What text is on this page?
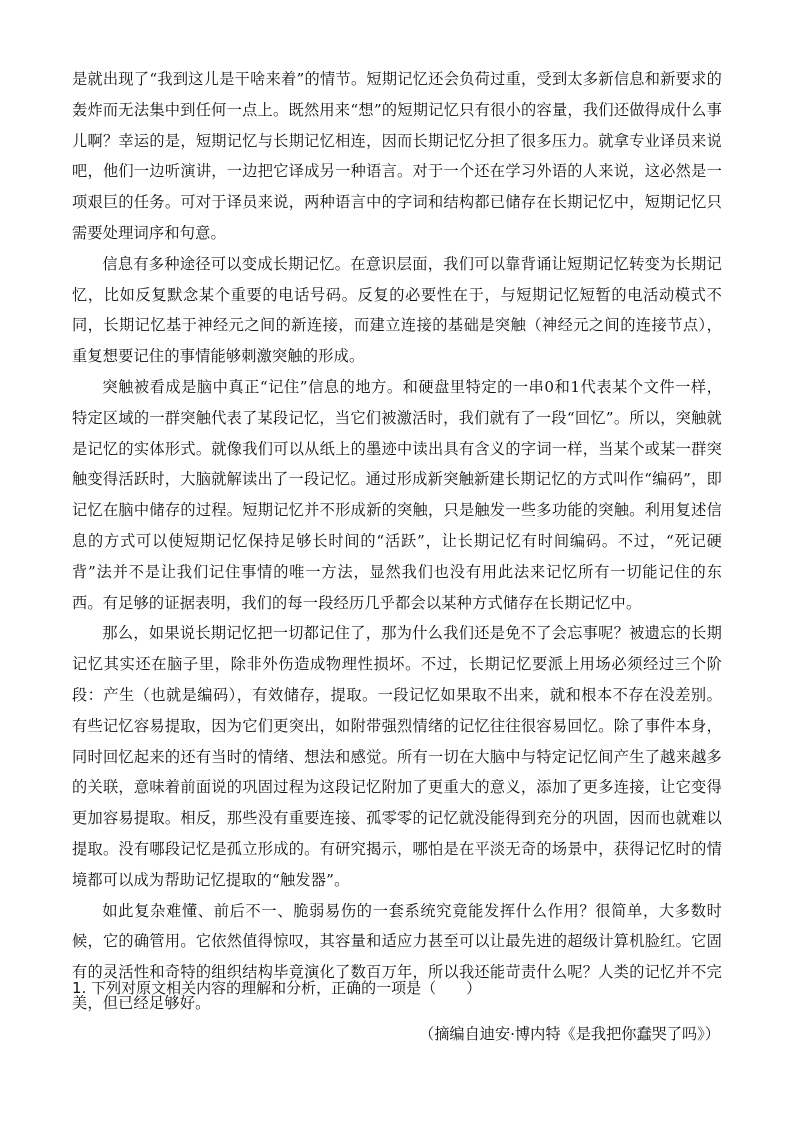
是就出现了“我到这儿是干啥来着”的情节。短期记忆还会负荷过重，受到太多新信息和新要求的轰炸而无法集中到任何一点上。既然用来“想”的短期记忆只有很小的容量，我们还做得成什么事儿啊？幸运的是，短期记忆与长期记忆相连，因而长期记忆分担了很多压力。就拿专业译员来说吧，他们一边听演讲，一边把它译成另一种语言。对于一个还在学习外语的人来说，这必然是一项艰巨的任务。可对于译员来说，两种语言中的字词和结构都已储存在长期记忆中，短期记忆只需要处理词序和句意。

信息有多种途径可以变成长期记忆。在意识层面，我们可以靠背诵让短期记忆转变为长期记忆，比如反复默念某个重要的电话号码。反复的必要性在于，与短期记忆短暂的电活动模式不同，长期记忆基于神经元之间的新连接，而建立连接的基础是突触（神经元之间的连接节点），重复想要记住的事情能够刺激突触的形成。

突触被看成是脑中真正“记住”信息的地方。和硬盘里特定的一串0和1代表某个文件一样，特定区域的一群突触代表了某段记忆，当它们被激活时，我们就有了一段“回忆”。所以，突触就是记忆的实体形式。就像我们可以从纸上的墨迹中读出具有含义的字词一样，当某个或某一群突触变得活跃时，大脑就解读出了一段记忆。通过形成新突触新建长期记忆的方式叫作“编码”，即记忆在脑中储存的过程。短期记忆并不形成新的突触，只是触发一些多功能的突触。利用复述信息的方式可以使短期记忆保持足够长时间的“活跃”，让长期记忆有时间编码。不过，“死记硬背”法并不是让我们记住事情的唯一方法，显然我们也没有用此法来记忆所有一切能记住的东西。有足够的证据表明，我们的每一段经历几乎都会以某种方式储存在长期记忆中。

那么，如果说长期记忆把一切都记住了，那为什么我们还是免不了会忘事呢？被遗忘的长期记忆其实还在脑子里，除非外伤造成物理性损坏。不过，长期记忆要派上用场必须经过三个阶段：产生（也就是编码），有效储存，提取。一段记忆如果取不出来，就和根本不存在没差别。有些记忆容易提取，因为它们更突出，如附带强烈情绪的记忆往往很容易回忆。除了事件本身，同时回忆起来的还有当时的情绪、想法和感觉。所有一切在大脑中与特定记忆间产生了越来越多的关联，意味着前面说的巩固过程为这段记忆附加了更重大的意义，添加了更多连接，让它变得更加容易提取。相反，那些没有重要连接、孤零零的记忆就没能得到充分的巩固，因而也就难以提取。没有哪段记忆是孤立形成的。有研究揭示，哪怕是在平淡无奇的场景中，获得记忆时的情境都可以成为帮助记忆提取的“触发器”。

如此复杂难懂、前后不一、脆弱易伤的一套系统究竟能发挥什么作用？很简单，大多数时候，它的确管用。它依然值得惊叹，其容量和适应力甚至可以让最先进的超级计算机脸红。它固有的灵活性和奇特的组织结构毕竟演化了数百万年，所以我还能苛责什么呢？人类的记忆并不完美，但已经足够好。

（摘编自迪安·博内特《是我把你蠢哭了吗》）

1. 下列对原文相关内容的理解和分析，正确的一项是（　　）
